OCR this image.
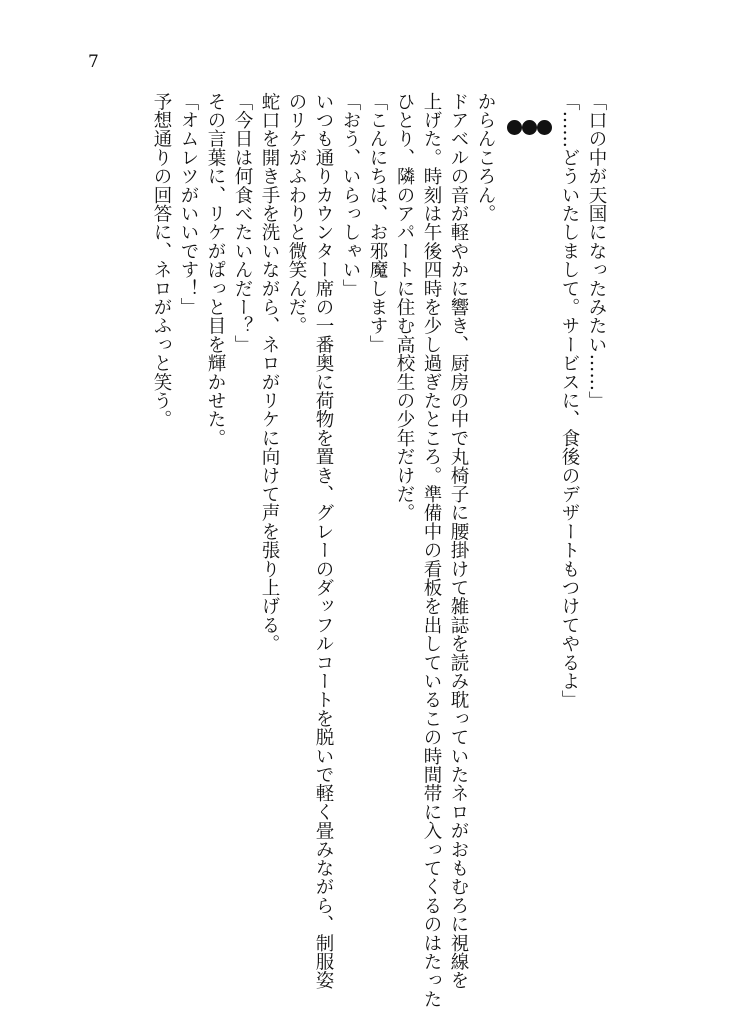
7
「口の中が天国になったみたい……」
「……どういたしまして。サービスに、食後のデザートもつけてやるよ」
からんころん。
ドアベルの音が軽やかに響き、厨房の中で丸椅子に腰掛けて雑誌を読み耽っていたネロがおもむろに視線を
上げた。時刻は午後四時を少し過ぎたところ。準備中の看板を出しているこの時間帯に入ってくるのはたった
ひとり、隣のアパートに住む高校生の少年だけだ。
「こんにちは、お邪魔します」
「おう、いらっしゃい」
いつも通りカウンター席の一番奥に荷物を置き、グレーのダッフルコートを脱いで軽く畳みながら、制服姿
のリケがふわりと微笑んだ。
蛇口を開き手を洗いながら、ネロがリケに向けて声を張り上げる。
「今日は何食べたいんだー？」
その言葉に、リケがぱっと目を輝かせた。
「オムレツがいいです！」
予想通りの回答に、ネロがふっと笑う。
